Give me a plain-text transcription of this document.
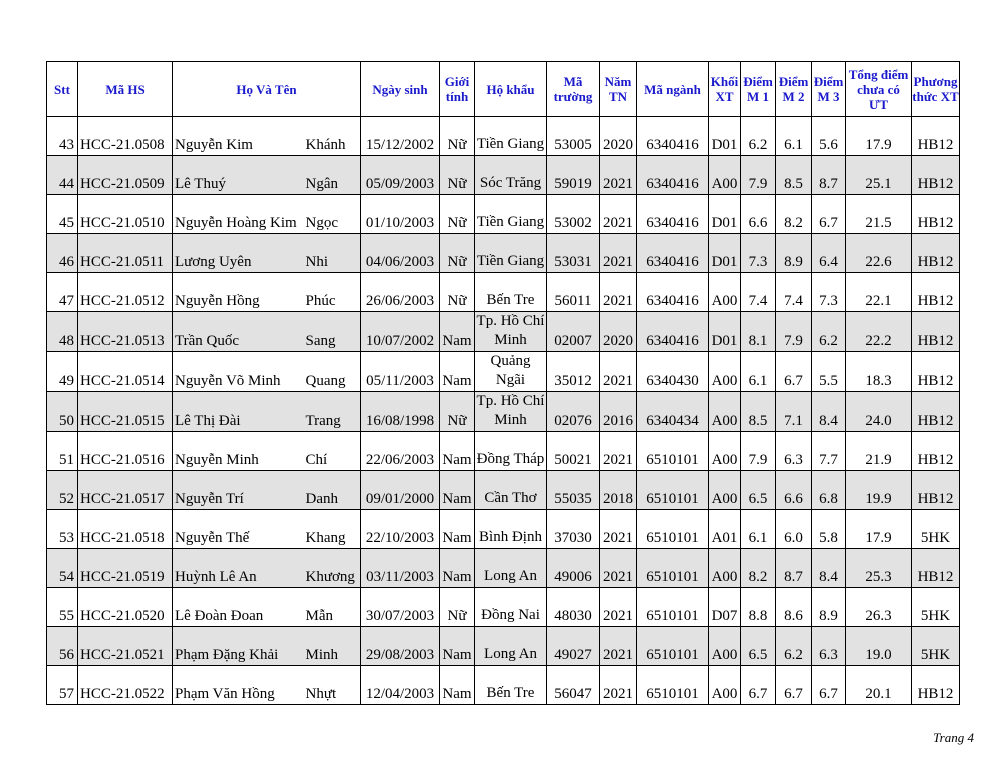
Stt	Mã HS	Họ Và Tên		Ngày sinh	Giới tính	Hộ khẩu	Mã trường	Năm TN	Mã ngành	Khối XT	Điểm M 1	Điểm M 2	Điểm M 3	Tổng điểm chưa có ƯT	Phương thức XT
43	HCC-21.0508	Nguyễn Kim	Khánh	15/12/2002	Nữ	Tiền Giang	53005	2020	6340416	D01	6.2	6.1	5.6	17.9	HB12
44	HCC-21.0509	Lê Thuý	Ngân	05/09/2003	Nữ	Sóc Trăng	59019	2021	6340416	A00	7.9	8.5	8.7	25.1	HB12
45	HCC-21.0510	Nguyễn Hoàng Kim	Ngọc	01/10/2003	Nữ	Tiền Giang	53002	2021	6340416	D01	6.6	8.2	6.7	21.5	HB12
46	HCC-21.0511	Lương Uyên	Nhi	04/06/2003	Nữ	Tiền Giang	53031	2021	6340416	D01	7.3	8.9	6.4	22.6	HB12
47	HCC-21.0512	Nguyễn Hồng	Phúc	26/06/2003	Nữ	Bến Tre	56011	2021	6340416	A00	7.4	7.4	7.3	22.1	HB12
48	HCC-21.0513	Trần Quốc	Sang	10/07/2002	Nam	Tp. Hồ Chí Minh	02007	2020	6340416	D01	8.1	7.9	6.2	22.2	HB12
49	HCC-21.0514	Nguyễn Võ Minh	Quang	05/11/2003	Nam	Quảng Ngãi	35012	2021	6340430	A00	6.1	6.7	5.5	18.3	HB12
50	HCC-21.0515	Lê Thị Đài	Trang	16/08/1998	Nữ	Tp. Hồ Chí Minh	02076	2016	6340434	A00	8.5	7.1	8.4	24.0	HB12
51	HCC-21.0516	Nguyễn Minh	Chí	22/06/2003	Nam	Đồng Tháp	50021	2021	6510101	A00	7.9	6.3	7.7	21.9	HB12
52	HCC-21.0517	Nguyễn Trí	Danh	09/01/2000	Nam	Cần Thơ	55035	2018	6510101	A00	6.5	6.6	6.8	19.9	HB12
53	HCC-21.0518	Nguyễn Thế	Khang	22/10/2003	Nam	Bình Định	37030	2021	6510101	A01	6.1	6.0	5.8	17.9	5HK
54	HCC-21.0519	Huỳnh Lê An	Khương	03/11/2003	Nam	Long An	49006	2021	6510101	A00	8.2	8.7	8.4	25.3	HB12
55	HCC-21.0520	Lê Đoàn Đoan	Mẫn	30/07/2003	Nữ	Đồng Nai	48030	2021	6510101	D07	8.8	8.6	8.9	26.3	5HK
56	HCC-21.0521	Phạm Đặng Khải	Minh	29/08/2003	Nam	Long An	49027	2021	6510101	A00	6.5	6.2	6.3	19.0	5HK
57	HCC-21.0522	Phạm Văn Hồng	Nhựt	12/04/2003	Nam	Bến Tre	56047	2021	6510101	A00	6.7	6.7	6.7	20.1	HB12
Trang 4
